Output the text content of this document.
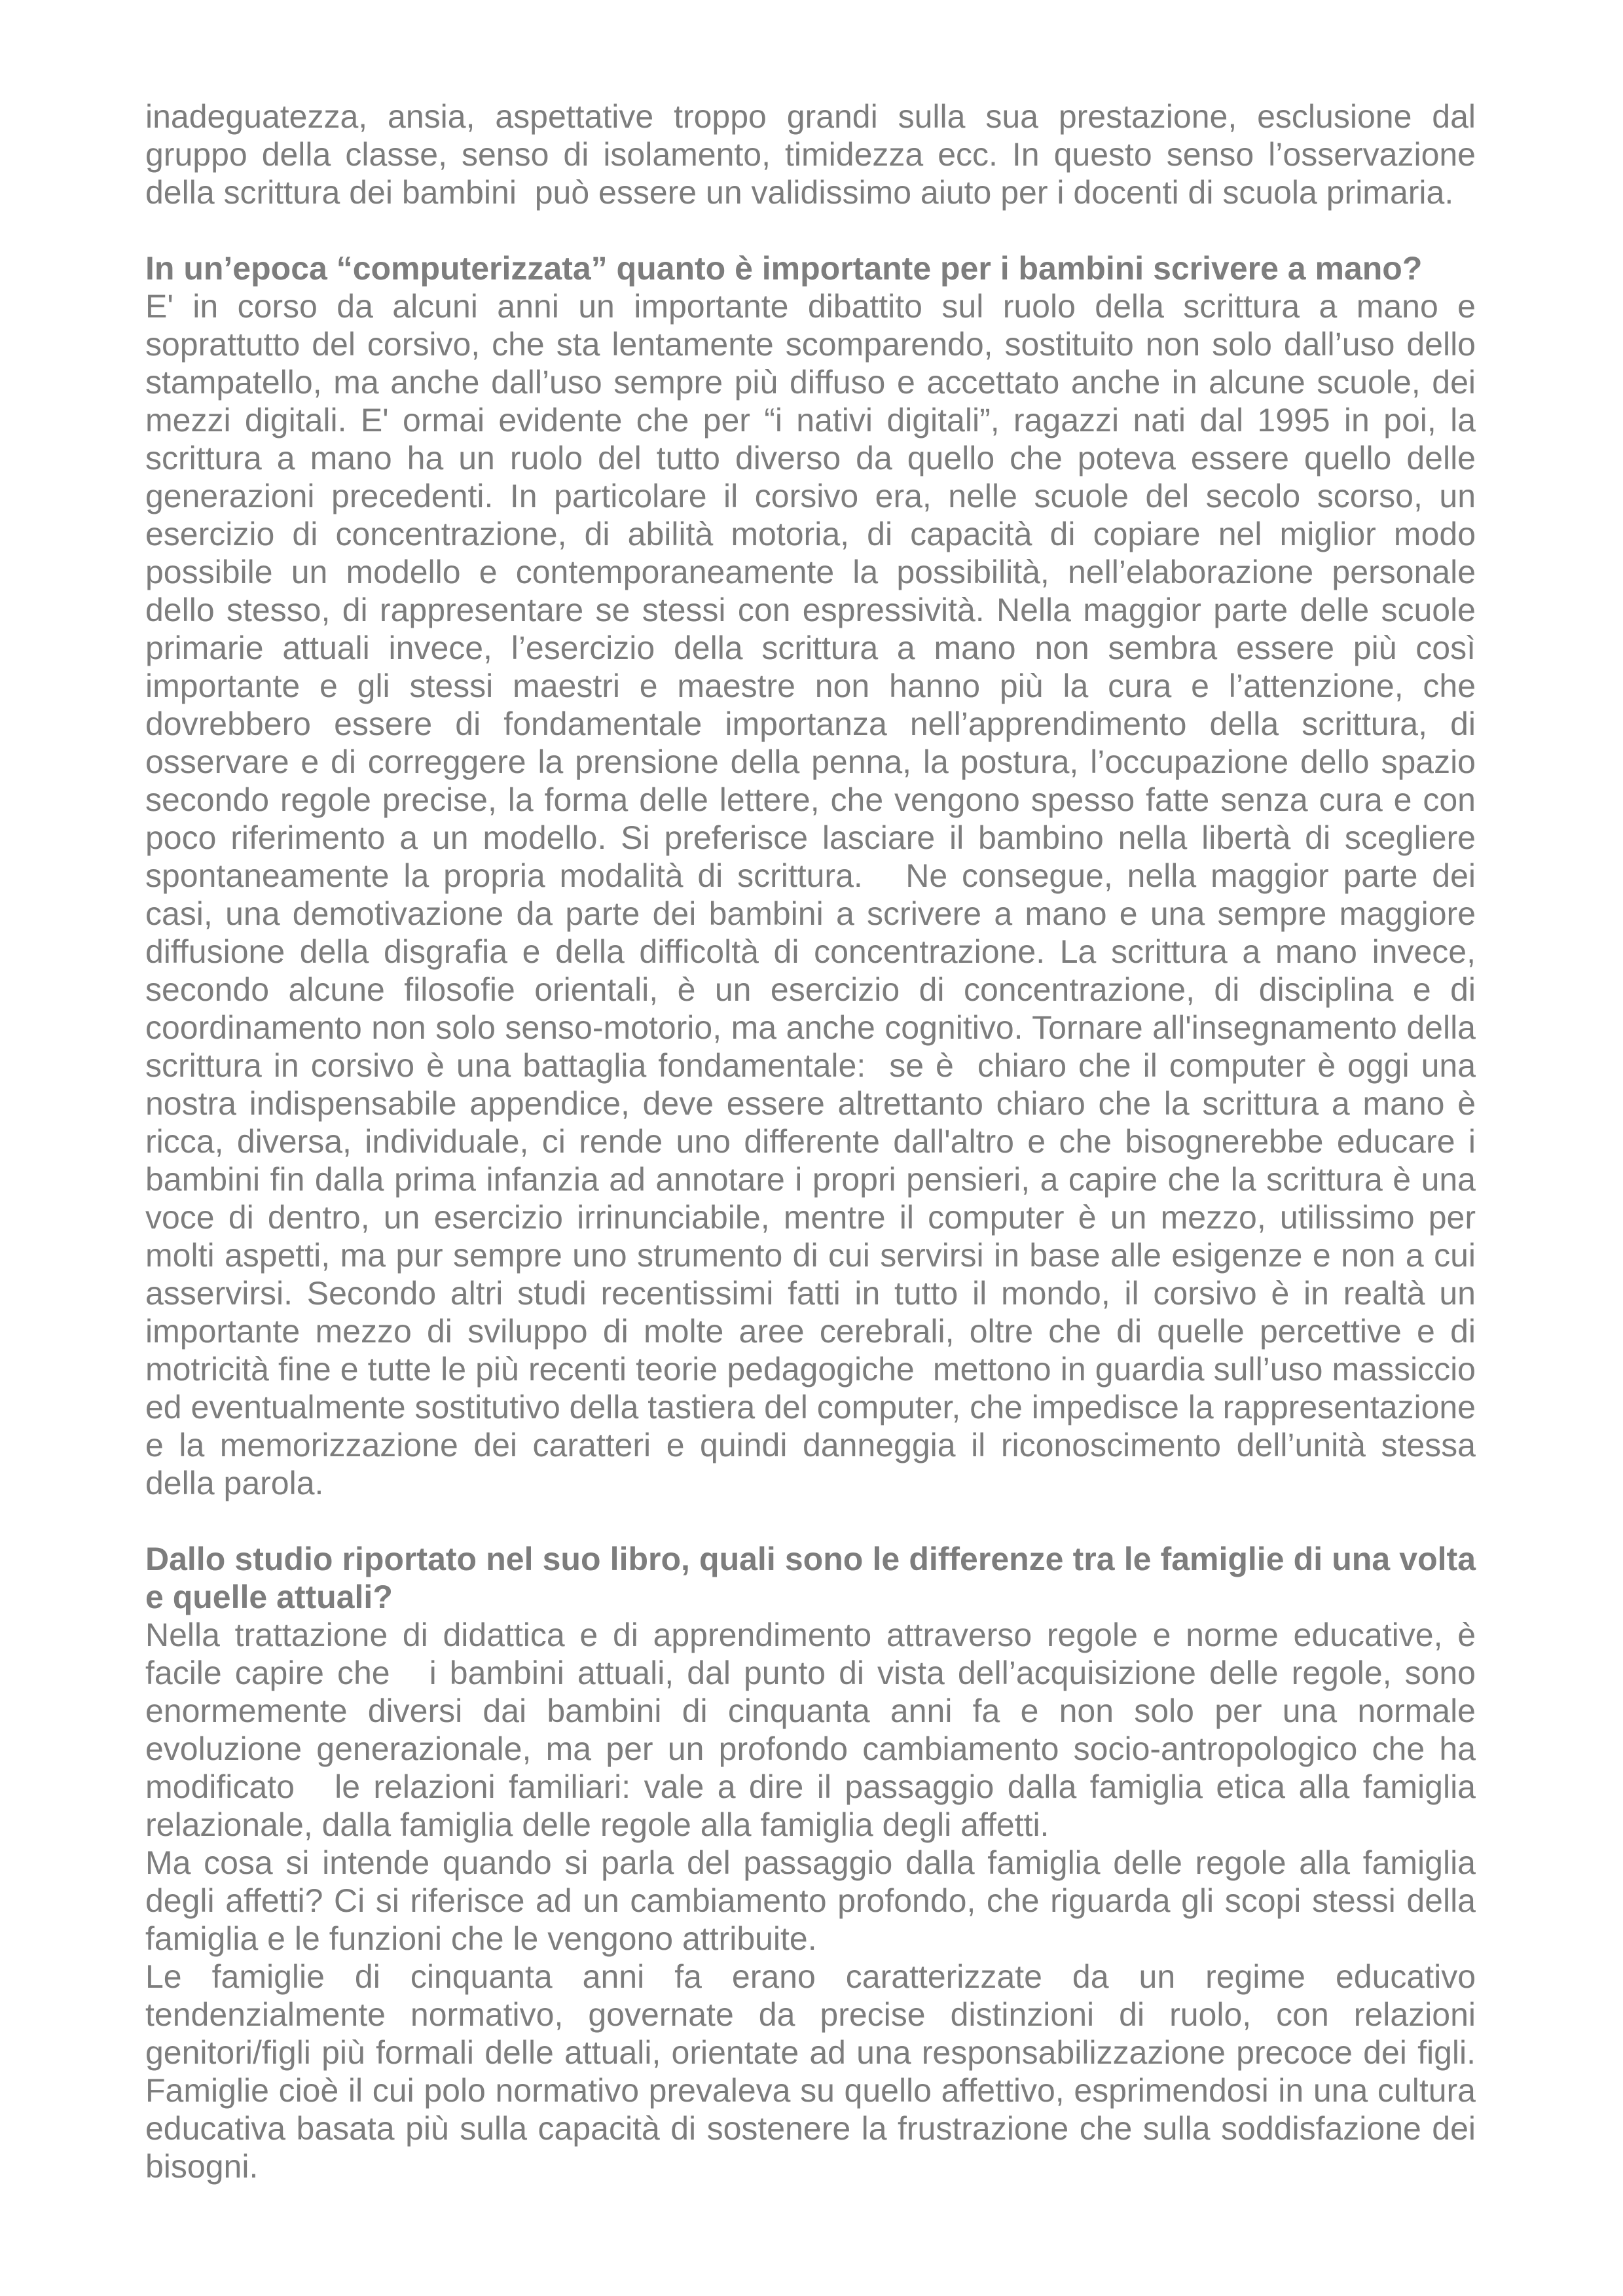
inadeguatezza, ansia, aspettative troppo grandi sulla sua prestazione, esclusione dal gruppo della classe, senso di isolamento, timidezza ecc. In questo senso l’osservazione della scrittura dei bambini  può essere un validissimo aiuto per i docenti di scuola primaria.

In un’epoca “computerizzata” quanto è importante per i bambini scrivere a mano?

E' in corso da alcuni anni un importante dibattito sul ruolo della scrittura a mano e soprattutto del corsivo, che sta lentamente scomparendo, sostituito non solo dall’uso dello stampatello, ma anche dall’uso sempre più diffuso e accettato anche in alcune scuole, dei mezzi digitali. E' ormai evidente che per “i nativi digitali”, ragazzi nati dal 1995 in poi, la scrittura a mano ha un ruolo del tutto diverso da quello che poteva essere quello delle generazioni precedenti. In particolare il corsivo era, nelle scuole del secolo scorso, un esercizio di concentrazione, di abilità motoria, di capacità di copiare nel miglior modo possibile un modello e contemporaneamente la possibilità, nell’elaborazione personale dello stesso, di rappresentare se stessi con espressività. Nella maggior parte delle scuole primarie attuali invece, l’esercizio della scrittura a mano non sembra essere più così importante e gli stessi maestri e maestre non hanno più la cura e l’attenzione, che dovrebbero essere di fondamentale importanza nell’apprendimento della scrittura, di osservare e di correggere la prensione della penna, la postura, l’occupazione dello spazio secondo regole precise, la forma delle lettere, che vengono spesso fatte senza cura e con poco riferimento a un modello. Si preferisce lasciare il bambino nella libertà di scegliere spontaneamente la propria modalità di scrittura.   Ne consegue, nella maggior parte dei casi, una demotivazione da parte dei bambini a scrivere a mano e una sempre maggiore diffusione della disgrafia e della difficoltà di concentrazione. La scrittura a mano invece, secondo alcune filosofie orientali, è un esercizio di concentrazione, di disciplina e di coordinamento non solo senso-motorio, ma anche cognitivo. Tornare all'insegnamento della scrittura in corsivo è una battaglia fondamentale:  se è  chiaro che il computer è oggi una nostra indispensabile appendice, deve essere altrettanto chiaro che la scrittura a mano è ricca, diversa, individuale, ci rende uno differente dall'altro e che bisognerebbe educare i bambini fin dalla prima infanzia ad annotare i propri pensieri, a capire che la scrittura è una voce di dentro, un esercizio irrinunciabile, mentre il computer è un mezzo, utilissimo per molti aspetti, ma pur sempre uno strumento di cui servirsi in base alle esigenze e non a cui asservirsi. Secondo altri studi recentissimi fatti in tutto il mondo, il corsivo è in realtà un importante mezzo di sviluppo di molte aree cerebrali, oltre che di quelle percettive e di motricità fine e tutte le più recenti teorie pedagogiche  mettono in guardia sull’uso massiccio ed eventualmente sostitutivo della tastiera del computer, che impedisce la rappresentazione e la memorizzazione dei caratteri e quindi danneggia il riconoscimento dell’unità stessa della parola.

Dallo studio riportato nel suo libro, quali sono le differenze tra le famiglie di una volta e quelle attuali?

Nella trattazione di didattica e di apprendimento attraverso regole e norme educative, è facile capire che   i bambini attuali, dal punto di vista dell’acquisizione delle regole, sono enormemente diversi dai bambini di cinquanta anni fa e non solo per una normale evoluzione generazionale, ma per un profondo cambiamento socio-antropologico che ha modificato   le relazioni familiari: vale a dire il passaggio dalla famiglia etica alla famiglia relazionale, dalla famiglia delle regole alla famiglia degli affetti.

Ma cosa si intende quando si parla del passaggio dalla famiglia delle regole alla famiglia degli affetti? Ci si riferisce ad un cambiamento profondo, che riguarda gli scopi stessi della famiglia e le funzioni che le vengono attribuite.

Le famiglie di cinquanta anni fa erano caratterizzate da un regime educativo tendenzialmente normativo, governate da precise distinzioni di ruolo, con relazioni genitori/figli più formali delle attuali, orientate ad una responsabilizzazione precoce dei figli. Famiglie cioè il cui polo normativo prevaleva su quello affettivo, esprimendosi in una cultura educativa basata più sulla capacità di sostenere la frustrazione che sulla soddisfazione dei bisogni.
